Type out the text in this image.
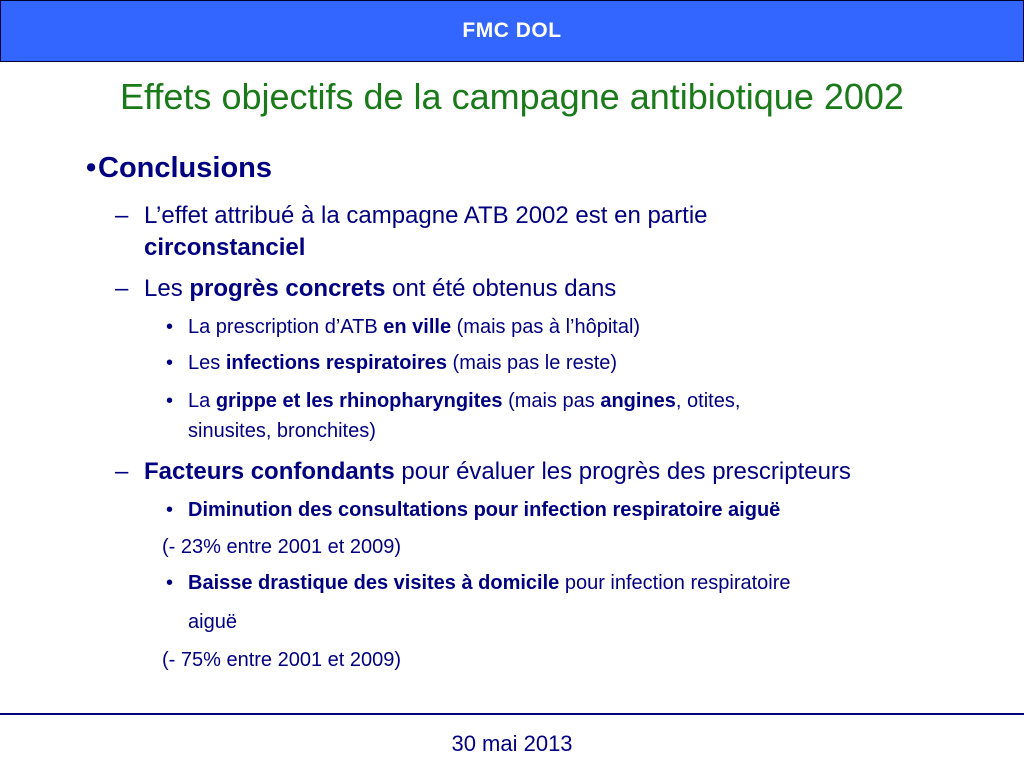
FMC DOL
Effets objectifs de la campagne antibiotique 2002
• Conclusions
– L’effet attribué à la campagne ATB 2002 est en partie
circonstanciel
– Les progrès concrets ont été obtenus dans
• La prescription d’ATB en ville (mais pas à l’hôpital)
• Les infections respiratoires (mais pas le reste)
• La grippe et les rhinopharyngites (mais pas angines, otites,
sinusites, bronchites)
– Facteurs confondants pour évaluer les progrès des prescripteurs
• Diminution des consultations pour infection respiratoire aiguë
(- 23% entre 2001 et 2009)
• Baisse drastique des visites à domicile pour infection respiratoire
aiguë
(- 75% entre 2001 et 2009)
30 mai 2013
